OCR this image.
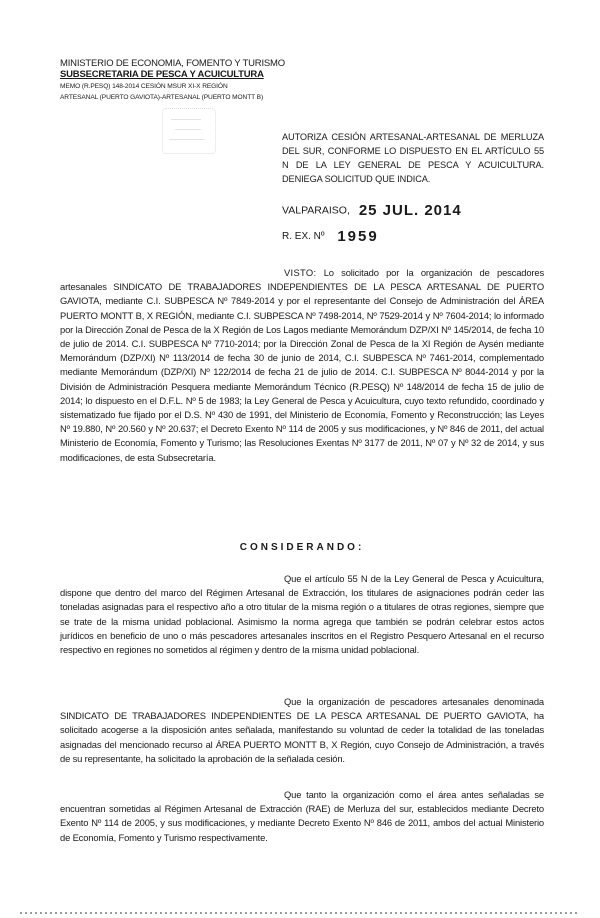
MINISTERIO DE ECONOMIA, FOMENTO Y TURISMO
SUBSECRETARIA DE PESCA Y ACUICULTURA
MEMO (R.PESQ) 148-2014 CESIÓN MSUR XI-X REGIÓN
ARTESANAL (PUERTO GAVIOTA)-ARTESANAL (PUERTO MONTT B)
AUTORIZA CESIÓN ARTESANAL-ARTESANAL DE MERLUZA DEL SUR, CONFORME LO DISPUESTO EN EL ARTÍCULO 55 N DE LA LEY GENERAL DE PESCA Y ACUICULTURA. DENIEGA SOLICITUD QUE INDICA.
VALPARAISO, 25 JUL. 2014
R. EX. Nº 1959
VISTO: Lo solicitado por la organización de pescadores artesanales SINDICATO DE TRABAJADORES INDEPENDIENTES DE LA PESCA ARTESANAL DE PUERTO GAVIOTA, mediante C.I. SUBPESCA Nº 7849-2014 y por el representante del Consejo de Administración del ÁREA PUERTO MONTT B, X REGIÓN, mediante C.I. SUBPESCA Nº 7498-2014, Nº 7529-2014 y Nº 7604-2014; lo informado por la Dirección Zonal de Pesca de la X Región de Los Lagos mediante Memorándum DZP/XI Nº 145/2014, de fecha 10 de julio de 2014. C.I. SUBPESCA Nº 7710-2014; por la Dirección Zonal de Pesca de la XI Región de Aysén mediante Memorándum (DZP/XI) Nº 113/2014 de fecha 30 de junio de 2014, C.I. SUBPESCA Nº 7461-2014, complementado mediante Memorándum (DZP/XI) Nº 122/2014 de fecha 21 de julio de 2014. C.I. SUBPESCA Nº 8044-2014 y por la División de Administración Pesquera mediante Memorándum Técnico (R.PESQ) Nº 148/2014 de fecha 15 de julio de 2014; lo dispuesto en el D.F.L. Nº 5 de 1983; la Ley General de Pesca y Acuicultura, cuyo texto refundido, coordinado y sistematizado fue fijado por el D.S. Nº 430 de 1991, del Ministerio de Economía, Fomento y Reconstrucción; las Leyes Nº 19.880, Nº 20.560 y Nº 20.637; el Decreto Exento Nº 114 de 2005 y sus modificaciones, y Nº 846 de 2011, del actual Ministerio de Economía, Fomento y Turismo; las Resoluciones Exentas Nº 3177 de 2011, Nº 07 y Nº 32 de 2014, y sus modificaciones, de esta Subsecretaría.
CONSIDERANDO:
Que el artículo 55 N de la Ley General de Pesca y Acuicultura, dispone que dentro del marco del Régimen Artesanal de Extracción, los titulares de asignaciones podrán ceder las toneladas asignadas para el respectivo año a otro titular de la misma región o a titulares de otras regiones, siempre que se trate de la misma unidad poblacional. Asimismo la norma agrega que también se podrán celebrar estos actos jurídicos en beneficio de uno o más pescadores artesanales inscritos en el Registro Pesquero Artesanal en el recurso respectivo en regiones no sometidos al régimen y dentro de la misma unidad poblacional.
Que la organización de pescadores artesanales denominada SINDICATO DE TRABAJADORES INDEPENDIENTES DE LA PESCA ARTESANAL DE PUERTO GAVIOTA, ha solicitado acogerse a la disposición antes señalada, manifestando su voluntad de ceder la totalidad de las toneladas asignadas del mencionado recurso al ÁREA PUERTO MONTT B, X Región, cuyo Consejo de Administración, a través de su representante, ha solicitado la aprobación de la señalada cesión.
Que tanto la organización como el área antes señaladas se encuentran sometidas al Régimen Artesanal de Extracción (RAE) de Merluza del sur, establecidos mediante Decreto Exento Nº 114 de 2005, y sus modificaciones, y mediante Decreto Exento Nº 846 de 2011, ambos del actual Ministerio de Economía, Fomento y Turismo respectivamente.
